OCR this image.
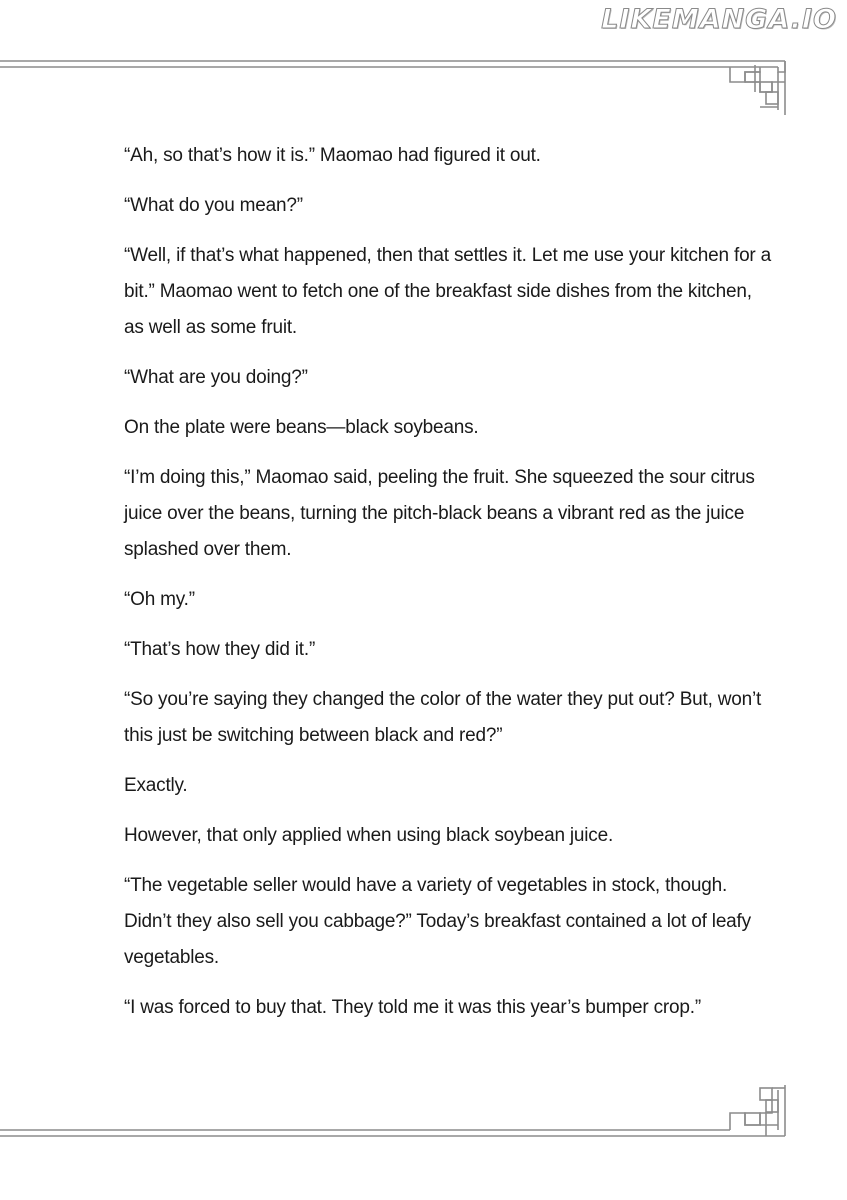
LIKEMANGA.IO

“Ah, so that’s how it is.” Maomao had figured it out.

“What do you mean?”

“Well, if that’s what happened, then that settles it. Let me use your kitchen for a bit.” Maomao went to fetch one of the breakfast side dishes from the kitchen, as well as some fruit.

“What are you doing?”

On the plate were beans—black soybeans.

“I’m doing this,” Maomao said, peeling the fruit. She squeezed the sour citrus juice over the beans, turning the pitch-black beans a vibrant red as the juice splashed over them.

“Oh my.”

“That’s how they did it.”

“So you’re saying they changed the color of the water they put out? But, won’t this just be switching between black and red?”

Exactly.

However, that only applied when using black soybean juice.

“The vegetable seller would have a variety of vegetables in stock, though. Didn’t they also sell you cabbage?” Today’s breakfast contained a lot of leafy vegetables.

“I was forced to buy that. They told me it was this year’s bumper crop.”
